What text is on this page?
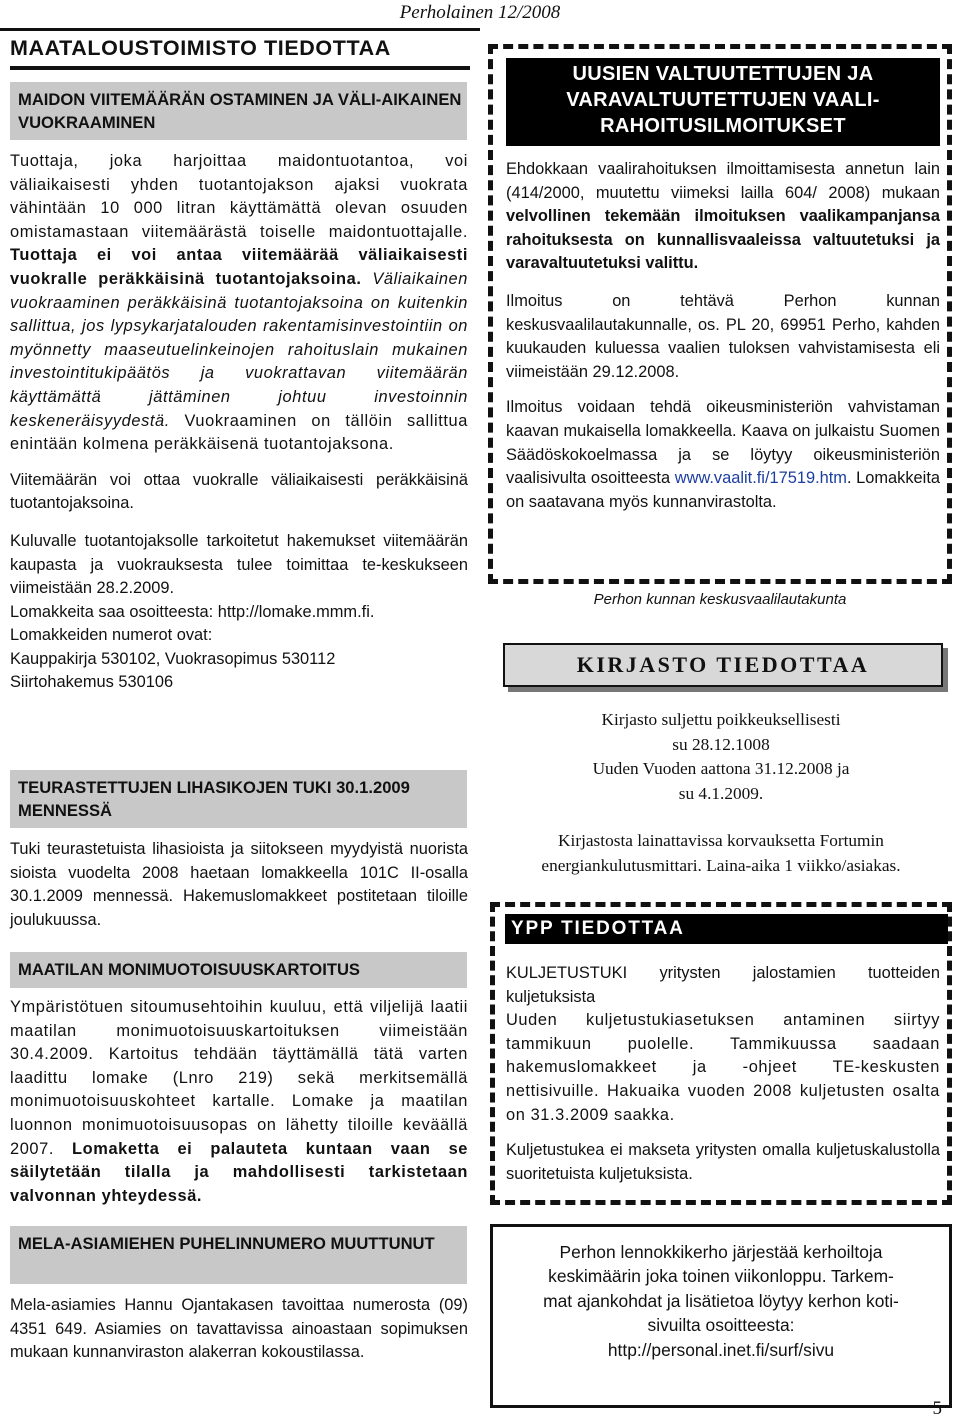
Perholainen 12/2008
MAATALOUSTOIMISTO TIEDOTTAA
MAIDON VIITEMÄÄRÄN OSTAMINEN JA VÄLI-AIKAINEN VUOKRAAMINEN

Tuottaja, joka harjoittaa maidontuotantoa, voi väliaikaisesti yhden tuotantojakson ajaksi vuokrata vähintään 10 000 litran käyttämättä olevan osuuden omistamastaan viitemäärästä toiselle maidontuottajalle. Tuottaja ei voi antaa viitemäärää väliaikaisesti vuokralle peräkkäisinä tuotantojaksoina. Väliaikainen vuokraaminen peräkkäisinä tuotantojaksoina on kuitenkin sallittua, jos lypsykarjatalouden rakentamisinvestointiin on myönnetty maaseutuelinkeinojen rahoituslain mukainen investointitukipäätös ja vuokrattavan viitemäärän käyttämättä jättäminen johtuu investoinnin keskeneräisyydestä. Vuokraaminen on tällöin sallittua enintään kolmena peräkkäisenä tuotantojaksona.

Viitemäärän voi ottaa vuokralle väliaikaisesti peräkkäisinä tuotantojaksoina.

Kuluvalle tuotantojaksolle tarkoitetut hakemukset viitemäärän kaupasta ja vuokrauksesta tulee toimittaa te-keskukseen viimeistään 28.2.2009.

Lomakkeita saa osoitteesta: http://lomake.mmm.fi.

Lomakkeiden numerot ovat:

Kauppakirja 530102, Vuokrasopimus 530112

Siirtohakemus 530106

TEURASTETTUJEN LIHASIKOJEN TUKI 30.1.2009 MENNESSÄ

Tuki teurastetuista lihasioista ja siitokseen myydyistä nuorista sioista vuodelta 2008 haetaan lomakkeella 101C II-osalla 30.1.2009 mennessä. Hakemuslomakkeet postitetaan tiloille joulukuussa.

MAATILAN MONIMUOTOISUUSKARTOITUS

Ympäristötuen sitoumusehtoihin kuuluu, että viljelijä laatii maatilan monimuotoisuuskartoituksen viimeistään 30.4.2009. Kartoitus tehdään täyttämällä tätä varten laadittu lomake (Lnro 219) sekä merkitsemällä monimuotoisuuskohteet kartalle. Lomake ja maatilan luonnon monimuotoisuusopas on lähetty tiloille keväällä 2007. Lomaketta ei palauteta kuntaan vaan se säilytetään tilalla ja mahdollisesti tarkistetaan valvonnan yhteydessä.

MELA-ASIAMIEHEN PUHELINNUMERO MUUTTUNUT

Mela-asiamies Hannu Ojantakasen tavoittaa numerosta (09) 4351 649. Asiamies on tavattavissa ainoastaan sopimuksen mukaan kunnanviraston alakerran kokoustilassa.

UUSIEN VALTUUTETTUJEN JA
VARAVALTUUTETTUJEN VAALI-
RAHOITUSILMOITUKSET

Ehdokkaan vaalirahoituksen ilmoittamisesta annetun lain (414/2000, muutettu viimeksi lailla 604/ 2008) mukaan velvollinen tekemään ilmoituksen vaalikampanjansa rahoituksesta on kunnallisvaaleissa valtuutetuksi ja varavaltuutetuksi valittu.

Ilmoitus on tehtävä Perhon kunnan keskusvaalilautakunnalle, os. PL 20, 69951 Perho, kahden kuukauden kuluessa vaalien tuloksen vahvistamisesta eli viimeistään 29.12.2008.

Ilmoitus voidaan tehdä oikeusministeriön vahvistaman kaavan mukaisella lomakkeella. Kaava on julkaistu Suomen Säädöskokoelmassa ja se löytyy oikeusministeriön vaalisivulta osoitteesta www.vaalit.fi/17519.htm. Lomakkeita on saatavana myös kunnanvirastolta.

Perhon kunnan keskusvaalilautakunta
KIRJASTO TIEDOTTAA
Kirjasto suljettu poikkeuksellisesti
su 28.12.1008
Uuden Vuoden aattona 31.12.2008 ja
su 4.1.2009.
Kirjastosta lainattavissa korvauksetta Fortumin
energiankulutusmittari. Laina-aika 1 viikko/asiakas.
YPP TIEDOTTAA

KULJETUSTUKI yritysten jalostamien tuotteiden kuljetuksista

Uuden kuljetustukiasetuksen antaminen siirtyy tammikuun puolelle. Tammikuussa saadaan hakemuslomakkeet ja -ohjeet TE-keskusten nettisivuille. Hakuaika vuoden 2008 kuljetusten osalta on 31.3.2009 saakka.

Kuljetustukea ei makseta yritysten omalla kuljetuskalustolla suoritetuista kuljetuksista.

Perhon lennokkikerho järjestää kerhoiltoja
keskimäärin joka toinen viikonloppu. Tarkem-
mat ajankohdat ja lisätietoa löytyy kerhon koti-
sivuilta osoitteesta:
http://personal.inet.fi/surf/sivu
5
